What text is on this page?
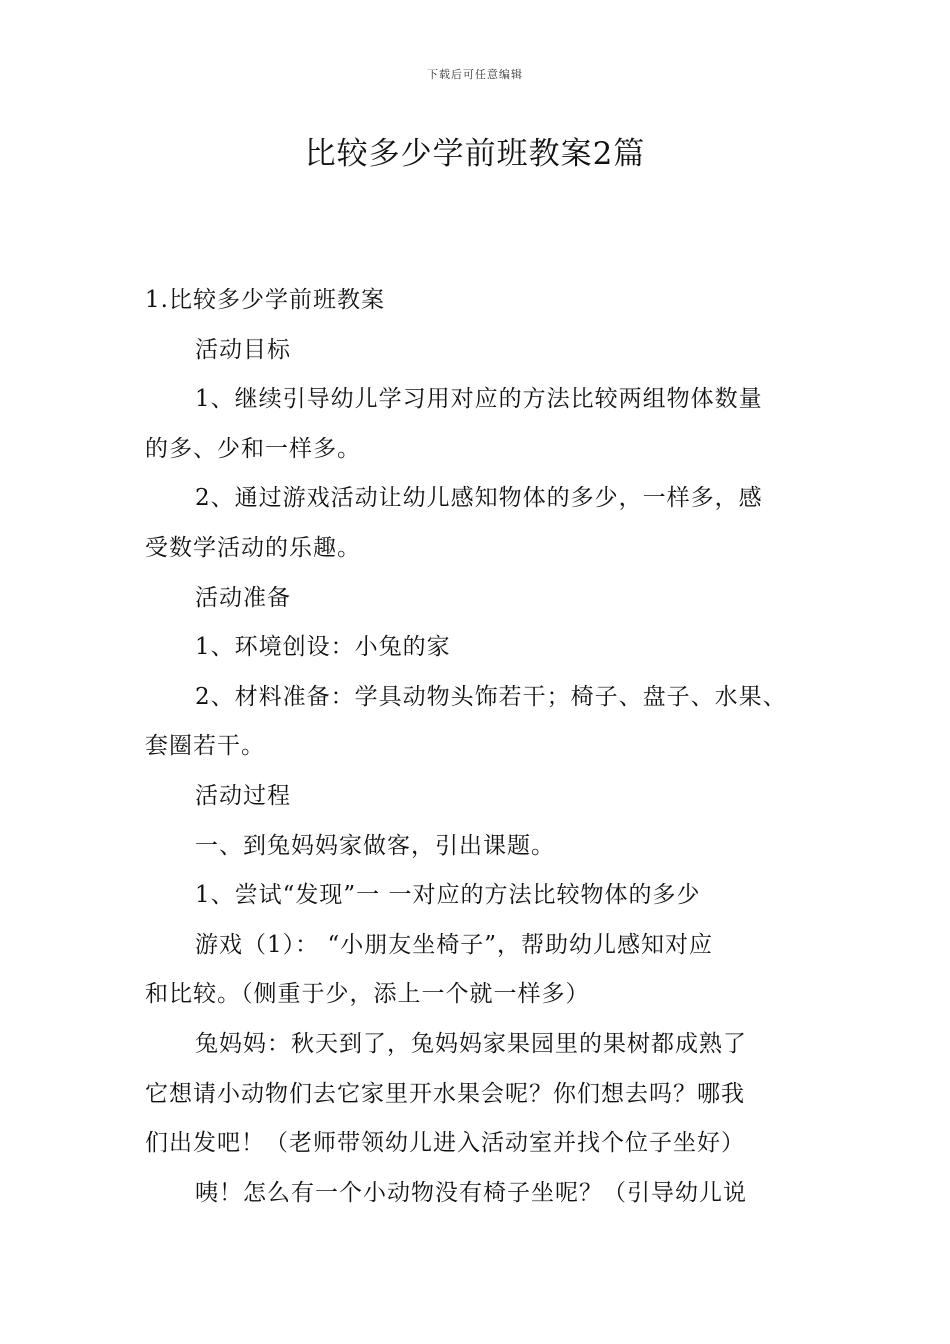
下载后可任意编辑
比较多少学前班教案2篇
1.比较多少学前班教案
活动目标
1、继续引导幼儿学习用对应的方法比较两组物体数量
的多、少和一样多。
2、通过游戏活动让幼儿感知物体的多少，一样多，感
受数学活动的乐趣。
活动准备
1、环境创设：小兔的家
2、材料准备：学具动物头饰若干；椅子、盘子、水果、
套圈若干。
活动过程
一、到兔妈妈家做客，引出课题。
1、尝试“发现”一 一对应的方法比较物体的多少
游戏（1）： “小朋友坐椅子”，帮助幼儿感知对应
和比较。（侧重于少，添上一个就一样多）
兔妈妈：秋天到了，兔妈妈家果园里的果树都成熟了
它想请小动物们去它家里开水果会呢？你们想去吗？哪我
们出发吧！（老师带领幼儿进入活动室并找个位子坐好）
咦！怎么有一个小动物没有椅子坐呢？（引导幼儿说
